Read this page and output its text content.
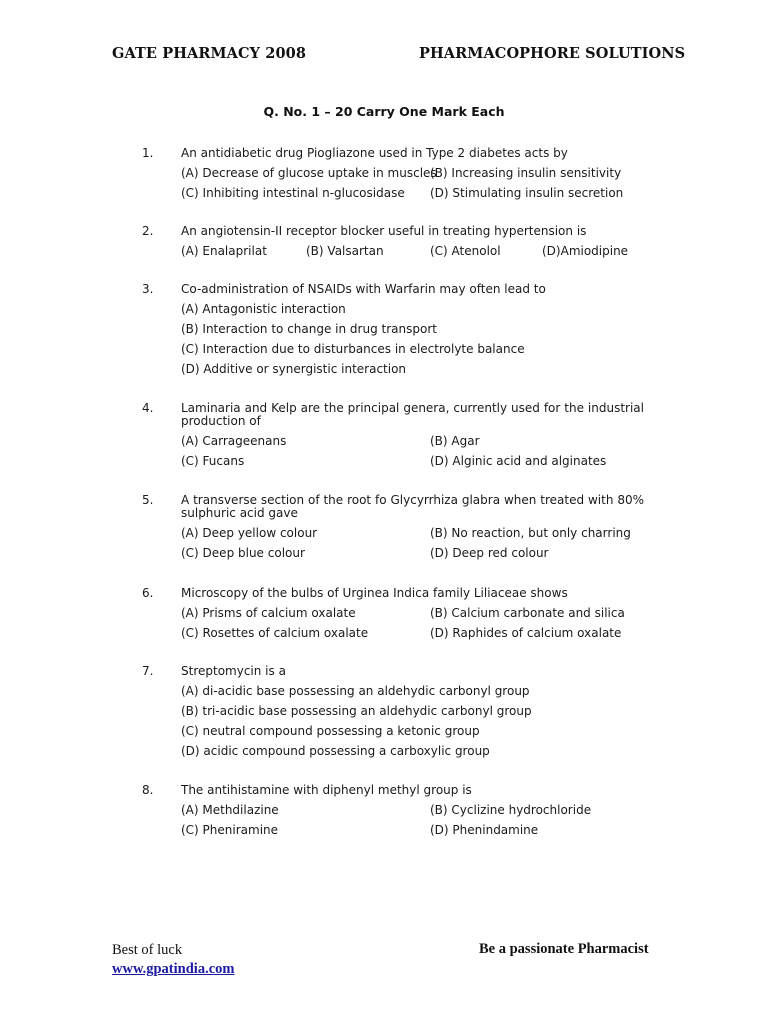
GATE PHARMACY 2008	PHARMACOPHORE SOLUTIONS
Q. No. 1 – 20 Carry One Mark Each
1. An antidiabetic drug Piogliazone used in Type 2 diabetes acts by
(A) Decrease of glucose uptake in muscles
(B) Increasing insulin sensitivity
(C) Inhibiting intestinal n-glucosidase (D) Stimulating insulin secretion
2. An angiotensin-II receptor blocker useful in treating hypertension is
(A) Enalaprilat	(B) Valsartan	(C) Atenolol	(D)Amiodipine
3. Co-administration of NSAIDs with Warfarin may often lead to
(A) Antagonistic interaction
(B) Interaction to change in drug transport
(C) Interaction due to disturbances in electrolyte balance
(D) Additive or synergistic interaction
4. Laminaria and Kelp are the principal genera, currently used for the industrial production of
(A) Carrageenans	(B) Agar
(C) Fucans	(D) Alginic acid and alginates
5. A transverse section of the root fo Glycyrrhiza glabra when treated with 80% sulphuric acid gave
(A) Deep yellow colour	(B) No reaction, but only charring
(C) Deep blue colour	(D) Deep red colour
6. Microscopy of the bulbs of Urginea Indica family Liliaceae shows
(A) Prisms of calcium oxalate	(B) Calcium carbonate and silica
(C) Rosettes of calcium oxalate	(D) Raphides of calcium oxalate
7. Streptomycin is a
(A) di-acidic base possessing an aldehydic carbonyl group
(B) tri-acidic base possessing an aldehydic carbonyl group
(C) neutral compound possessing a ketonic group
(D) acidic compound possessing a carboxylic group
8. The antihistamine with diphenyl methyl group is
(A) Methdilazine	(B) Cyclizine hydrochloride
(C) Pheniramine	(D) Phenindamine
Best of luck
www.gpatindia.com
Be a passionate Pharmacist
